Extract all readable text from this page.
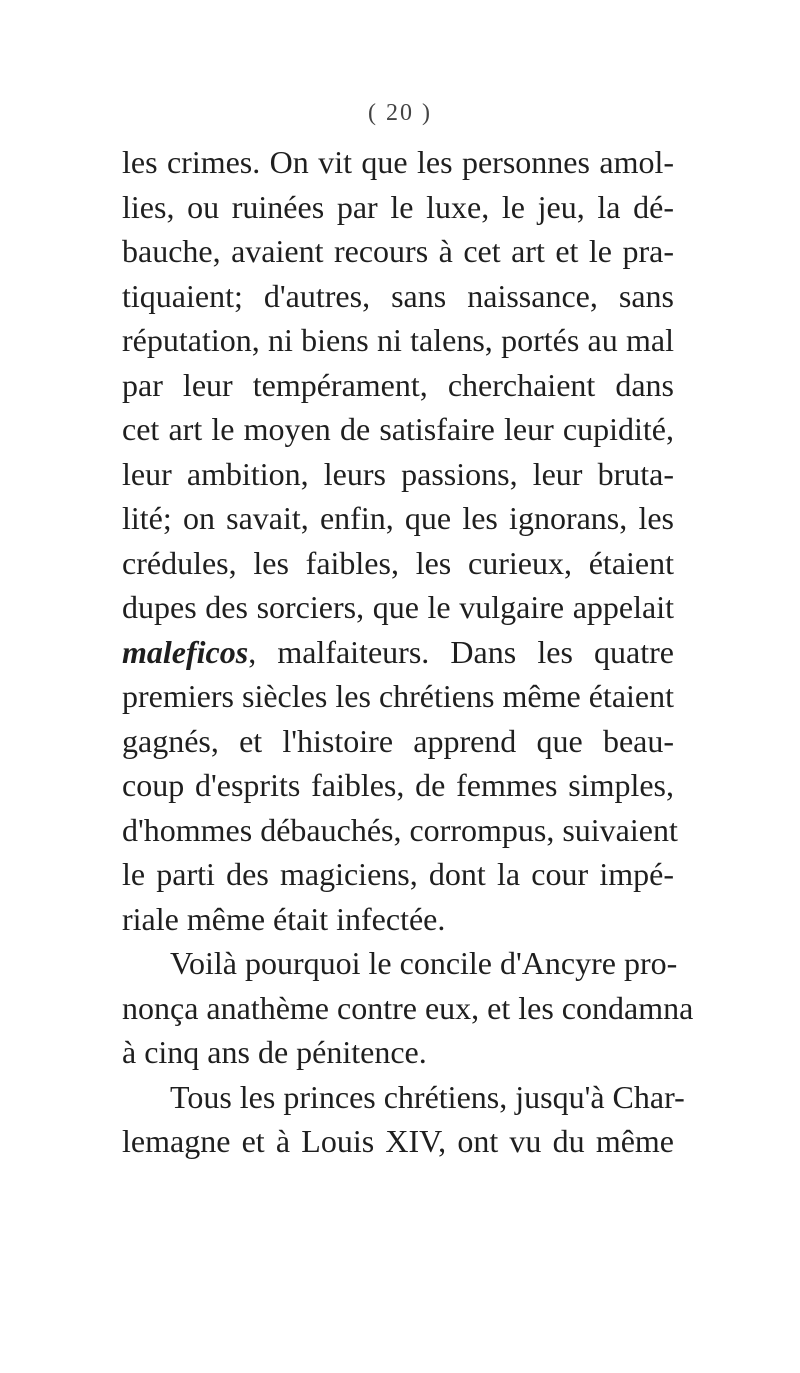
( 20 )
les crimes. On vit que les personnes amol-
lies, ou ruinées par le luxe, le jeu, la dé-
bauche, avaient recours à cet art et le pra-
tiquaient; d'autres, sans naissance, sans
réputation, ni biens ni talens, portés au mal
par leur tempérament, cherchaient dans
cet art le moyen de satisfaire leur cupidité,
leur ambition, leurs passions, leur bruta-
lité; on savait, enfin, que les ignorans, les
crédules, les faibles, les curieux, étaient
dupes des sorciers, que le vulgaire appelait
maleficos, malfaiteurs. Dans les quatre
premiers siècles les chrétiens même étaient
gagnés, et l'histoire apprend que beau-
coup d'esprits faibles, de femmes simples,
d'hommes débauchés, corrompus, suivaient
le parti des magiciens, dont la cour impé-
riale même était infectée.
Voilà pourquoi le concile d'Ancyre pro-
nonça anathème contre eux, et les condamna
à cinq ans de pénitence.
Tous les princes chrétiens, jusqu'à Char-
lemagne et à Louis XIV, ont vu du même
